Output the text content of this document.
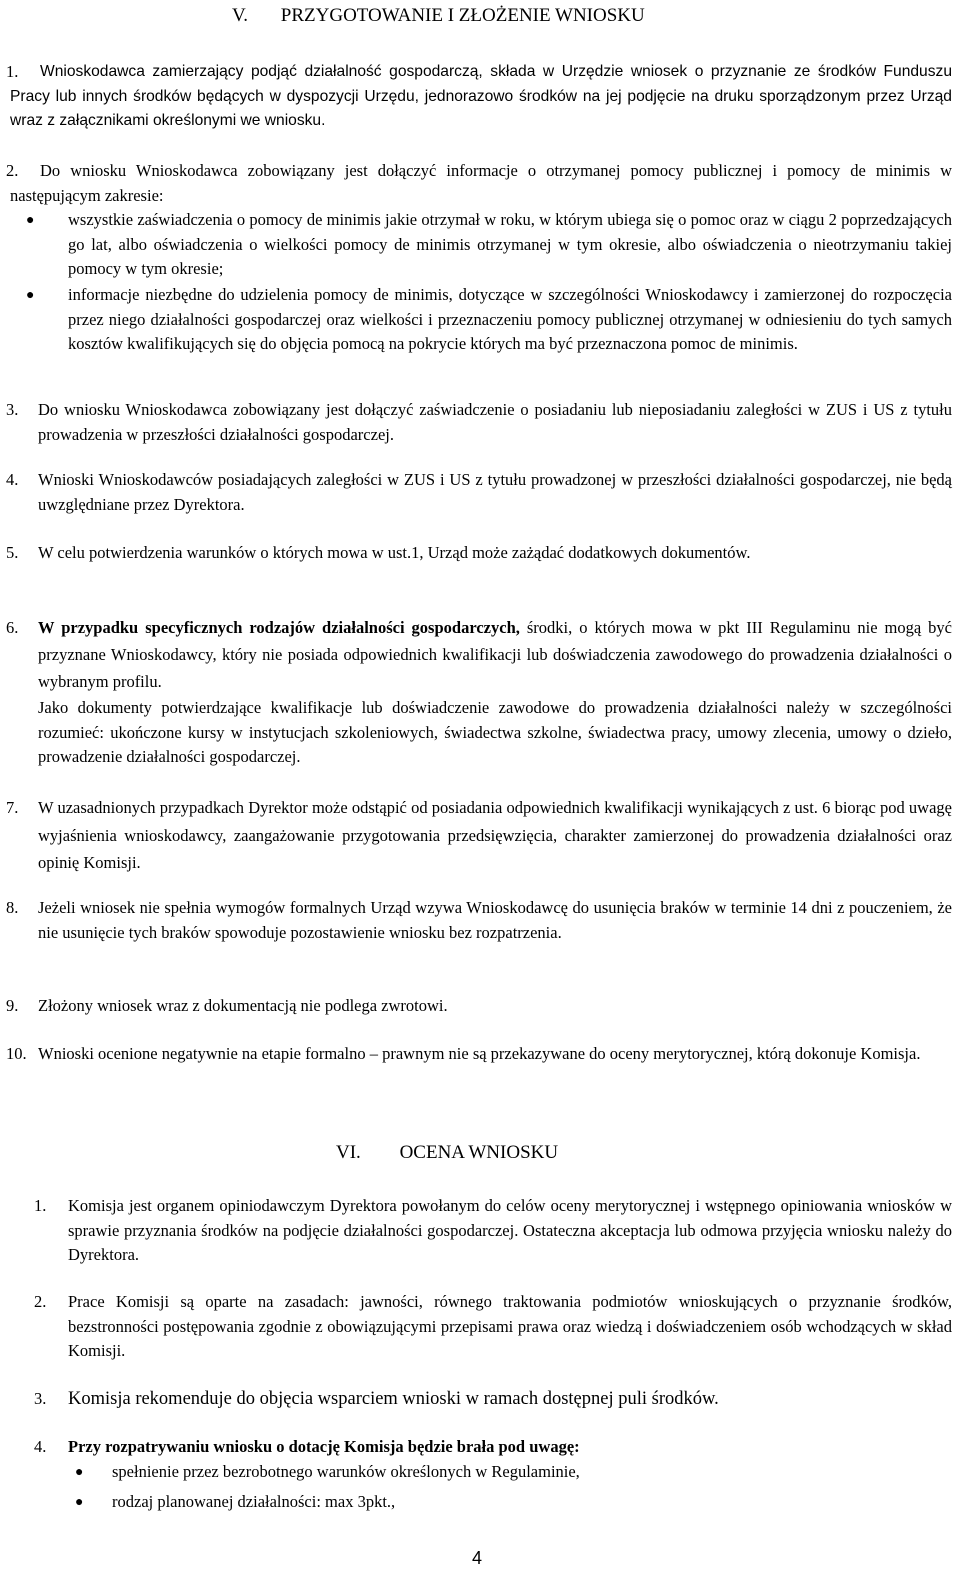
V. PRZYGOTOWANIE I ZŁOŻENIE WNIOSKU
1.	Wnioskodawca zamierzający podjąć działalność gospodarczą, składa w Urzędzie wniosek o przyznanie ze środków Funduszu Pracy lub innych środków będących w dyspozycji Urzędu, jednorazowo środków na jej podjęcie na druku sporządzonym przez Urząd wraz z załącznikami określonymi we wniosku.
2.	Do wniosku Wnioskodawca zobowiązany jest dołączyć informacje o otrzymanej pomocy publicznej i pomocy de minimis w następującym zakresie:
● wszystkie zaświadczenia o pomocy de minimis jakie otrzymał w roku, w którym ubiega się o pomoc oraz w ciągu 2 poprzedzających go lat, albo oświadczenia o wielkości pomocy de minimis otrzymanej w tym okresie, albo oświadczenia o nieotrzymaniu takiej pomocy w tym okresie;
● informacje niezbędne do udzielenia pomocy de minimis, dotyczące w szczególności Wnioskodawcy i zamierzonej do rozpoczęcia przez niego działalności gospodarczej oraz wielkości i przeznaczeniu pomocy publicznej otrzymanej w odniesieniu do tych samych kosztów kwalifikujących się do objęcia pomocą na pokrycie których ma być przeznaczona pomoc de minimis.
3. Do wniosku Wnioskodawca zobowiązany jest dołączyć zaświadczenie o posiadaniu lub nieposiadaniu zaległości w ZUS i US z tytułu prowadzenia w przeszłości działalności gospodarczej.
4. Wnioski Wnioskodawców posiadających zaległości w ZUS i US z tytułu prowadzonej w przeszłości działalności gospodarczej, nie będą uwzględniane przez Dyrektora.
5. W celu potwierdzenia warunków o których mowa w ust.1, Urząd może zażądać dodatkowych dokumentów.
6. W przypadku specyficznych rodzajów działalności gospodarczych, środki, o których mowa w pkt III Regulaminu nie mogą być przyznane Wnioskodawcy, który nie posiada odpowiednich kwalifikacji lub doświadczenia zawodowego do prowadzenia działalności o wybranym profilu.
Jako dokumenty potwierdzające kwalifikacje lub doświadczenie zawodowe do prowadzenia działalności należy w szczególności rozumieć: ukończone kursy w instytucjach szkoleniowych, świadectwa szkolne, świadectwa pracy, umowy zlecenia, umowy o dzieło, prowadzenie działalności gospodarczej.
7. W uzasadnionych przypadkach Dyrektor może odstąpić od posiadania odpowiednich kwalifikacji wynikających z ust. 6 biorąc pod uwagę wyjaśnienia wnioskodawcy, zaangażowanie przygotowania przedsięwzięcia, charakter zamierzonej do prowadzenia działalności oraz opinię Komisji.
8. Jeżeli wniosek nie spełnia wymogów formalnych Urząd wzywa Wnioskodawcę do usunięcia braków w terminie 14 dni z pouczeniem, że nie usunięcie tych braków spowoduje pozostawienie wniosku bez rozpatrzenia.
9. Złożony wniosek wraz z dokumentacją nie podlega zwrotowi.
10. Wnioski ocenione negatywnie na etapie formalno – prawnym nie są przekazywane do oceny merytorycznej, którą dokonuje Komisja.
VI. OCENA WNIOSKU
1. Komisja jest organem opiniodawczym Dyrektora powołanym do celów oceny merytorycznej i wstępnego opiniowania wniosków w sprawie przyznania środków na podjęcie działalności gospodarczej. Ostateczna akceptacja lub odmowa przyjęcia wniosku należy do Dyrektora.
2. Prace Komisji są oparte na zasadach: jawności, równego traktowania podmiotów wnioskujących o przyznanie środków, bezstronności postępowania zgodnie z obowiązującymi przepisami prawa oraz wiedzą i doświadczeniem osób wchodzących w skład Komisji.
3. Komisja rekomenduje do objęcia wsparciem wnioski w ramach dostępnej puli środków.
4. Przy rozpatrywaniu wniosku o dotację Komisja będzie brała pod uwagę:
● spełnienie przez bezrobotnego warunków określonych w Regulaminie,
● rodzaj planowanej działalności: max 3pkt.,
4
